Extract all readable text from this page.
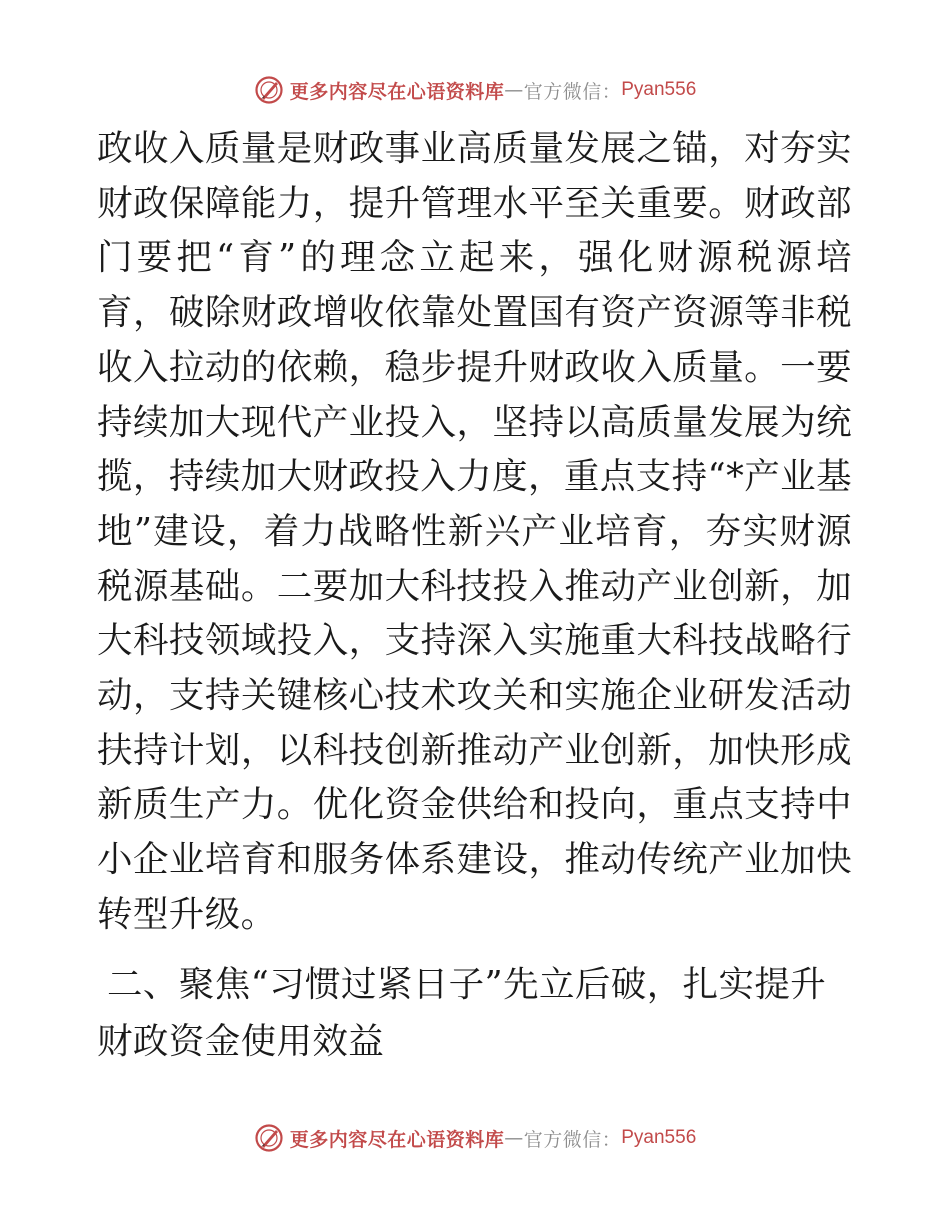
更多内容尽在心语资料库 — 官方微信： Pyan556

政收入质量是财政事业高质量发展之锚，对夯实财政保障能力，提升管理水平至关重要。财政部门要把“育”的理念立起来，强化财源税源培育，破除财政增收依靠处置国有资产资源等非税收入拉动的依赖，稳步提升财政收入质量。一要持续加大现代产业投入，坚持以高质量发展为统揽，持续加大财政投入力度，重点支持“*产业基地”建设，着力战略性新兴产业培育，夯实财源税源基础。二要加大科技投入推动产业创新，加大科技领域投入，支持深入实施重大科技战略行动，支持关键核心技术攻关和实施企业研发活动扶持计划，以科技创新推动产业创新，加快形成新质生产力。优化资金供给和投向，重点支持中小企业培育和服务体系建设，推动传统产业加快转型升级。

二、聚焦“习惯过紧日子”先立后破，扎实提升财政资金使用效益

更多内容尽在心语资料库 — 官方微信： Pyan556
